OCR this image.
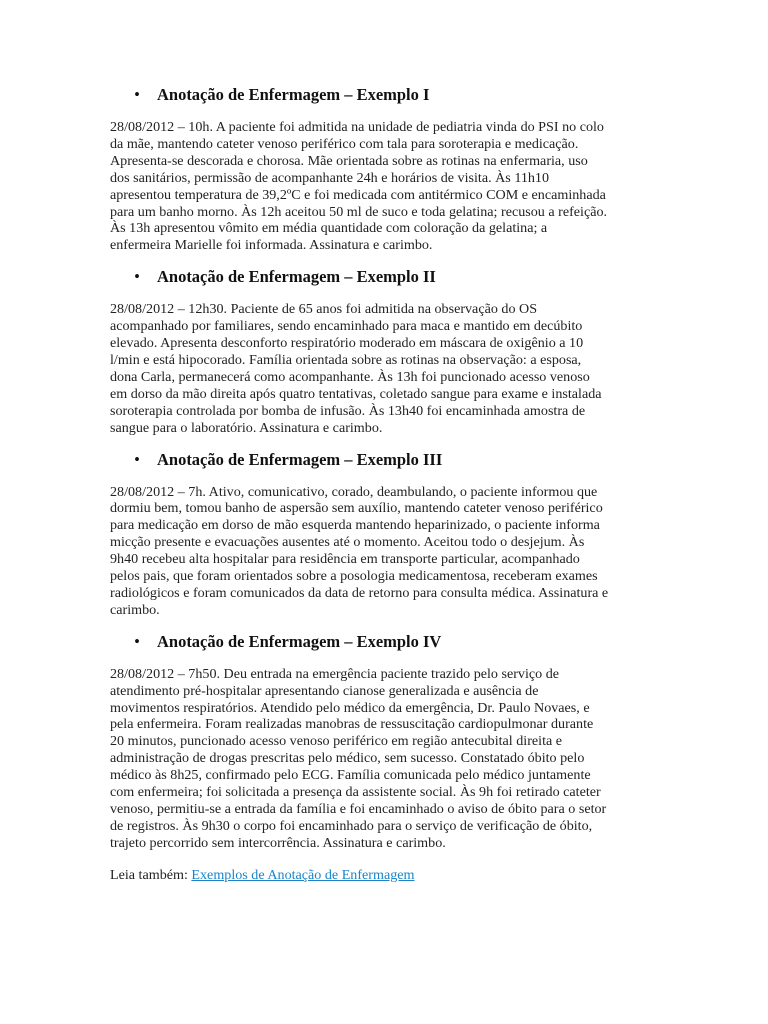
• Anotação de Enfermagem – Exemplo I

28/08/2012 – 10h. A paciente foi admitida na unidade de pediatria vinda do PSI no colo
da mãe, mantendo cateter venoso periférico com tala para soroterapia e medicação.
Apresenta-se descorada e chorosa. Mãe orientada sobre as rotinas na enfermaria, uso
dos sanitários, permissão de acompanhante 24h e horários de visita. Às 11h10
apresentou temperatura de 39,2ºC e foi medicada com antitérmico COM e encaminhada
para um banho morno. Às 12h aceitou 50 ml de suco e toda gelatina; recusou a refeição.
Às 13h apresentou vômito em média quantidade com coloração da gelatina; a
enfermeira Marielle foi informada. Assinatura e carimbo.

• Anotação de Enfermagem – Exemplo II

28/08/2012 – 12h30. Paciente de 65 anos foi admitida na observação do OS
acompanhado por familiares, sendo encaminhado para maca e mantido em decúbito
elevado. Apresenta desconforto respiratório moderado em máscara de oxigênio a 10
l/min e está hipocorado. Família orientada sobre as rotinas na observação: a esposa,
dona Carla, permanecerá como acompanhante. Às 13h foi puncionado acesso venoso
em dorso da mão direita após quatro tentativas, coletado sangue para exame e instalada
soroterapia controlada por bomba de infusão. Às 13h40 foi encaminhada amostra de
sangue para o laboratório. Assinatura e carimbo.

• Anotação de Enfermagem – Exemplo III

28/08/2012 – 7h. Ativo, comunicativo, corado, deambulando, o paciente informou que
dormiu bem, tomou banho de aspersão sem auxílio, mantendo cateter venoso periférico
para medicação em dorso de mão esquerda mantendo heparinizado, o paciente informa
micção presente e evacuações ausentes até o momento. Aceitou todo o desjejum. Às
9h40 recebeu alta hospitalar para residência em transporte particular, acompanhado
pelos pais, que foram orientados sobre a posologia medicamentosa, receberam exames
radiológicos e foram comunicados da data de retorno para consulta médica. Assinatura e
carimbo.

• Anotação de Enfermagem – Exemplo IV

28/08/2012 – 7h50. Deu entrada na emergência paciente trazido pelo serviço de
atendimento pré-hospitalar apresentando cianose generalizada e ausência de
movimentos respiratórios. Atendido pelo médico da emergência, Dr. Paulo Novaes, e
pela enfermeira. Foram realizadas manobras de ressuscitação cardiopulmonar durante
20 minutos, puncionado acesso venoso periférico em região antecubital direita e
administração de drogas prescritas pelo médico, sem sucesso. Constatado óbito pelo
médico às 8h25, confirmado pelo ECG. Família comunicada pelo médico juntamente
com enfermeira; foi solicitada a presença da assistente social. Às 9h foi retirado cateter
venoso, permitiu-se a entrada da família e foi encaminhado o aviso de óbito para o setor
de registros. Às 9h30 o corpo foi encaminhado para o serviço de verificação de óbito,
trajeto percorrido sem intercorrência. Assinatura e carimbo.

Leia também: Exemplos de Anotação de Enfermagem
